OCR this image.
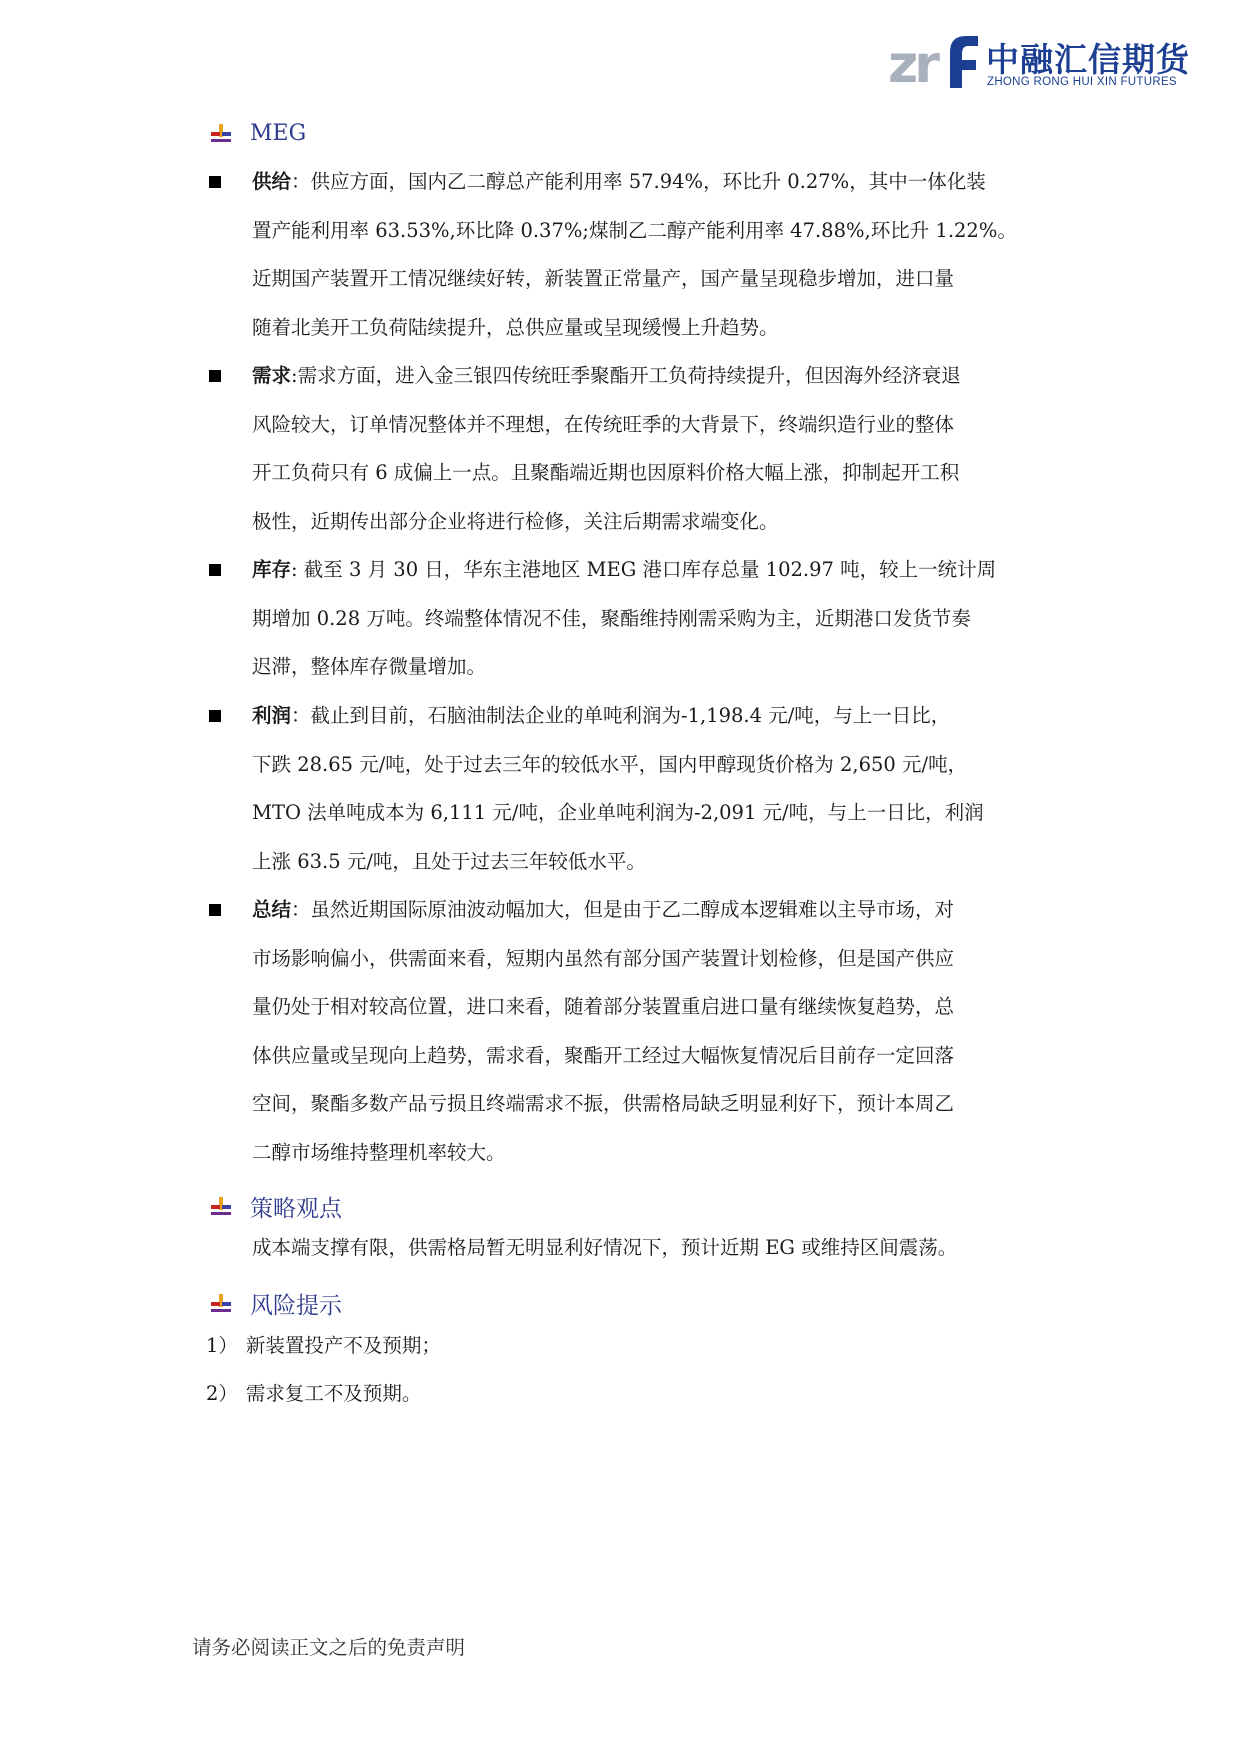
zr 中融汇信期货
ZHONG RONG HUI XIN FUTURES
MEG
供给：供应方面，国内乙二醇总产能利用率 57.94%，环比升 0.27%，其中一体化装
置产能利用率 63.53%,环比降 0.37%;煤制乙二醇产能利用率 47.88%,环比升 1.22%。
近期国产装置开工情况继续好转，新装置正常量产，国产量呈现稳步增加，进口量
随着北美开工负荷陆续提升，总供应量或呈现缓慢上升趋势。
需求:需求方面，进入金三银四传统旺季聚酯开工负荷持续提升，但因海外经济衰退
风险较大，订单情况整体并不理想，在传统旺季的大背景下，终端织造行业的整体
开工负荷只有 6 成偏上一点。且聚酯端近期也因原料价格大幅上涨，抑制起开工积
极性，近期传出部分企业将进行检修，关注后期需求端变化。
库存: 截至 3 月 30 日，华东主港地区 MEG 港口库存总量 102.97 吨，较上一统计周
期增加 0.28 万吨。终端整体情况不佳，聚酯维持刚需采购为主，近期港口发货节奏
迟滞，整体库存微量增加。
利润：截止到目前，石脑油制法企业的单吨利润为-1,198.4 元/吨，与上一日比，
下跌 28.65 元/吨，处于过去三年的较低水平，国内甲醇现货价格为 2,650 元/吨，
MTO 法单吨成本为 6,111 元/吨，企业单吨利润为-2,091 元/吨，与上一日比，利润
上涨 63.5 元/吨，且处于过去三年较低水平。
总结：虽然近期国际原油波动幅加大，但是由于乙二醇成本逻辑难以主导市场，对
市场影响偏小，供需面来看，短期内虽然有部分国产装置计划检修，但是国产供应
量仍处于相对较高位置，进口来看，随着部分装置重启进口量有继续恢复趋势，总
体供应量或呈现向上趋势，需求看，聚酯开工经过大幅恢复情况后目前存一定回落
空间，聚酯多数产品亏损且终端需求不振，供需格局缺乏明显利好下，预计本周乙
二醇市场维持整理机率较大。
策略观点
成本端支撑有限，供需格局暂无明显利好情况下，预计近期 EG 或维持区间震荡。
风险提示
1） 新装置投产不及预期；
2） 需求复工不及预期。
请务必阅读正文之后的免责声明
